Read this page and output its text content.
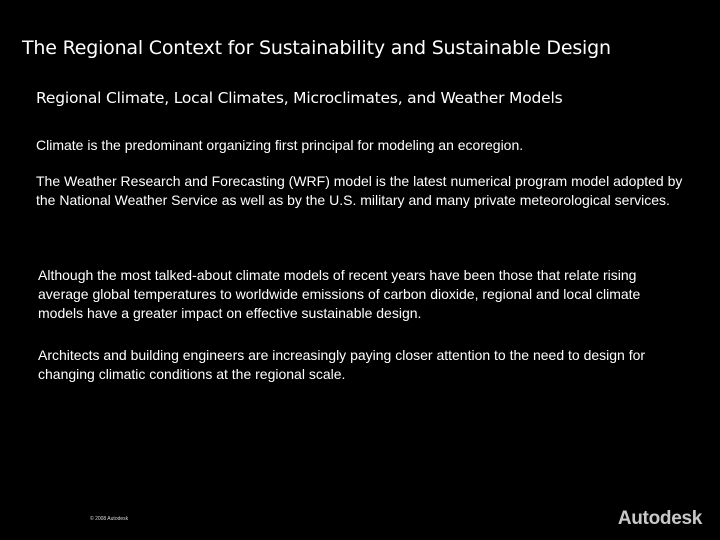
The Regional Context for Sustainability and Sustainable Design
Regional Climate, Local Climates, Microclimates, and Weather Models
Climate is the predominant organizing first principal for modeling an ecoregion.
The Weather Research and Forecasting (WRF) model is the latest numerical program model adopted by the National Weather Service as well as by the U.S. military and many private meteorological services.
Although the most talked-about climate models of recent years have been those that relate rising average global temperatures to worldwide emissions of carbon dioxide, regional and local climate models have a greater impact on effective sustainable design.
Architects and building engineers are increasingly paying closer attention to the need to design for changing climatic conditions at the regional scale.
© 2008 Autodesk	Autodesk
